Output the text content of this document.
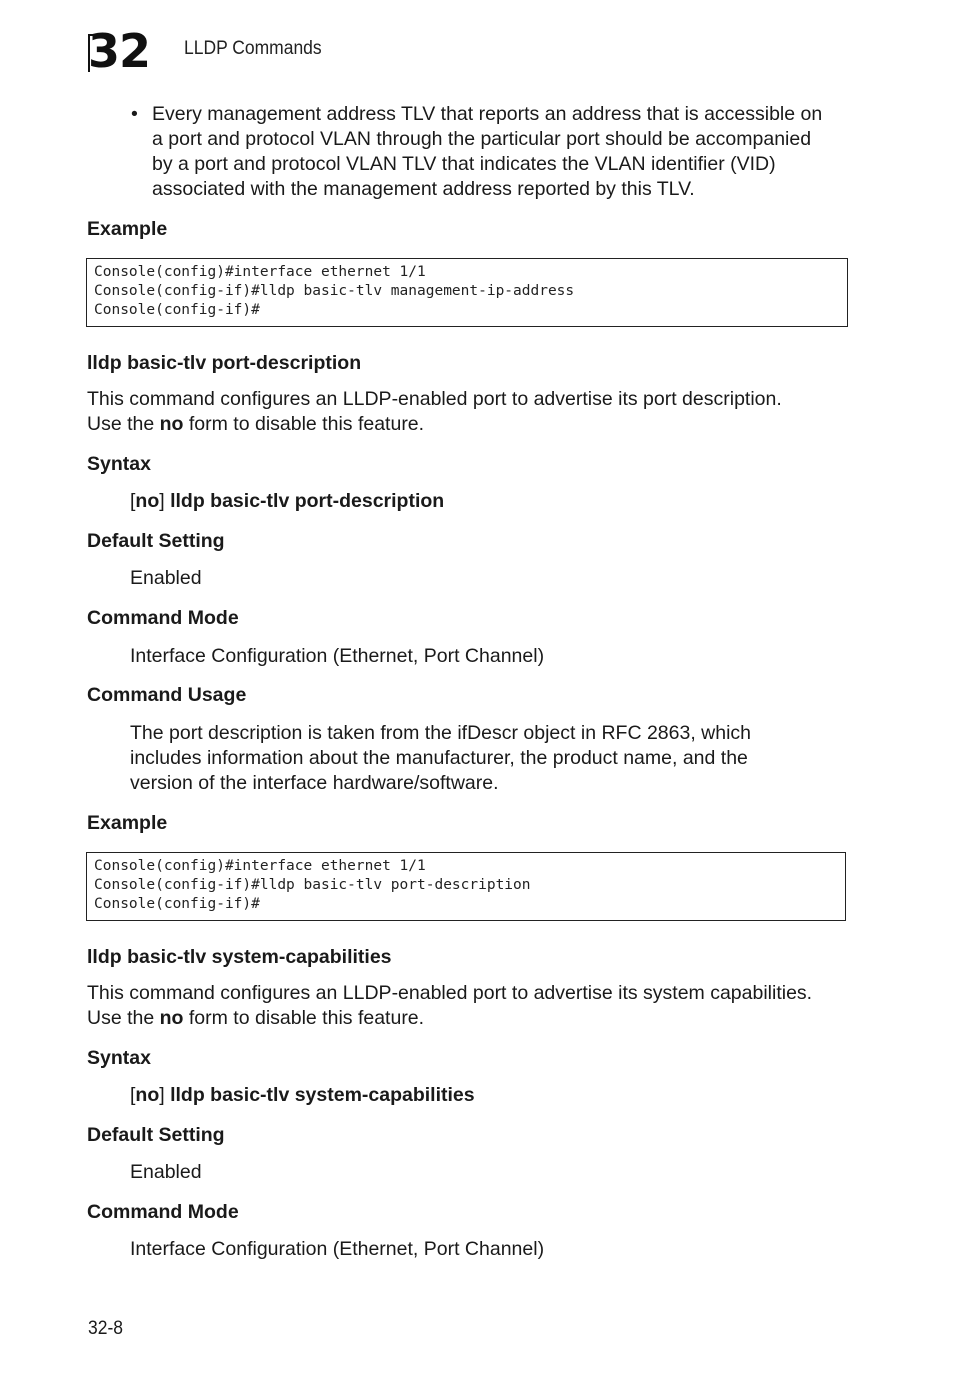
32	LLDP Commands
• Every management address TLV that reports an address that is accessible on
a port and protocol VLAN through the particular port should be accompanied
by a port and protocol VLAN TLV that indicates the VLAN identifier (VID)
associated with the management address reported by this TLV.
Example
Console(config)#interface ethernet 1/1
Console(config-if)#lldp basic-tlv management-ip-address
Console(config-if)#
lldp basic-tlv port-description
This command configures an LLDP-enabled port to advertise its port description.
Use the no form to disable this feature.
Syntax
[no] lldp basic-tlv port-description
Default Setting
Enabled
Command Mode
Interface Configuration (Ethernet, Port Channel)
Command Usage
The port description is taken from the ifDescr object in RFC 2863, which
includes information about the manufacturer, the product name, and the
version of the interface hardware/software.
Example
Console(config)#interface ethernet 1/1
Console(config-if)#lldp basic-tlv port-description
Console(config-if)#
lldp basic-tlv system-capabilities
This command configures an LLDP-enabled port to advertise its system capabilities.
Use the no form to disable this feature.
Syntax
[no] lldp basic-tlv system-capabilities
Default Setting
Enabled
Command Mode
Interface Configuration (Ethernet, Port Channel)
32-8
